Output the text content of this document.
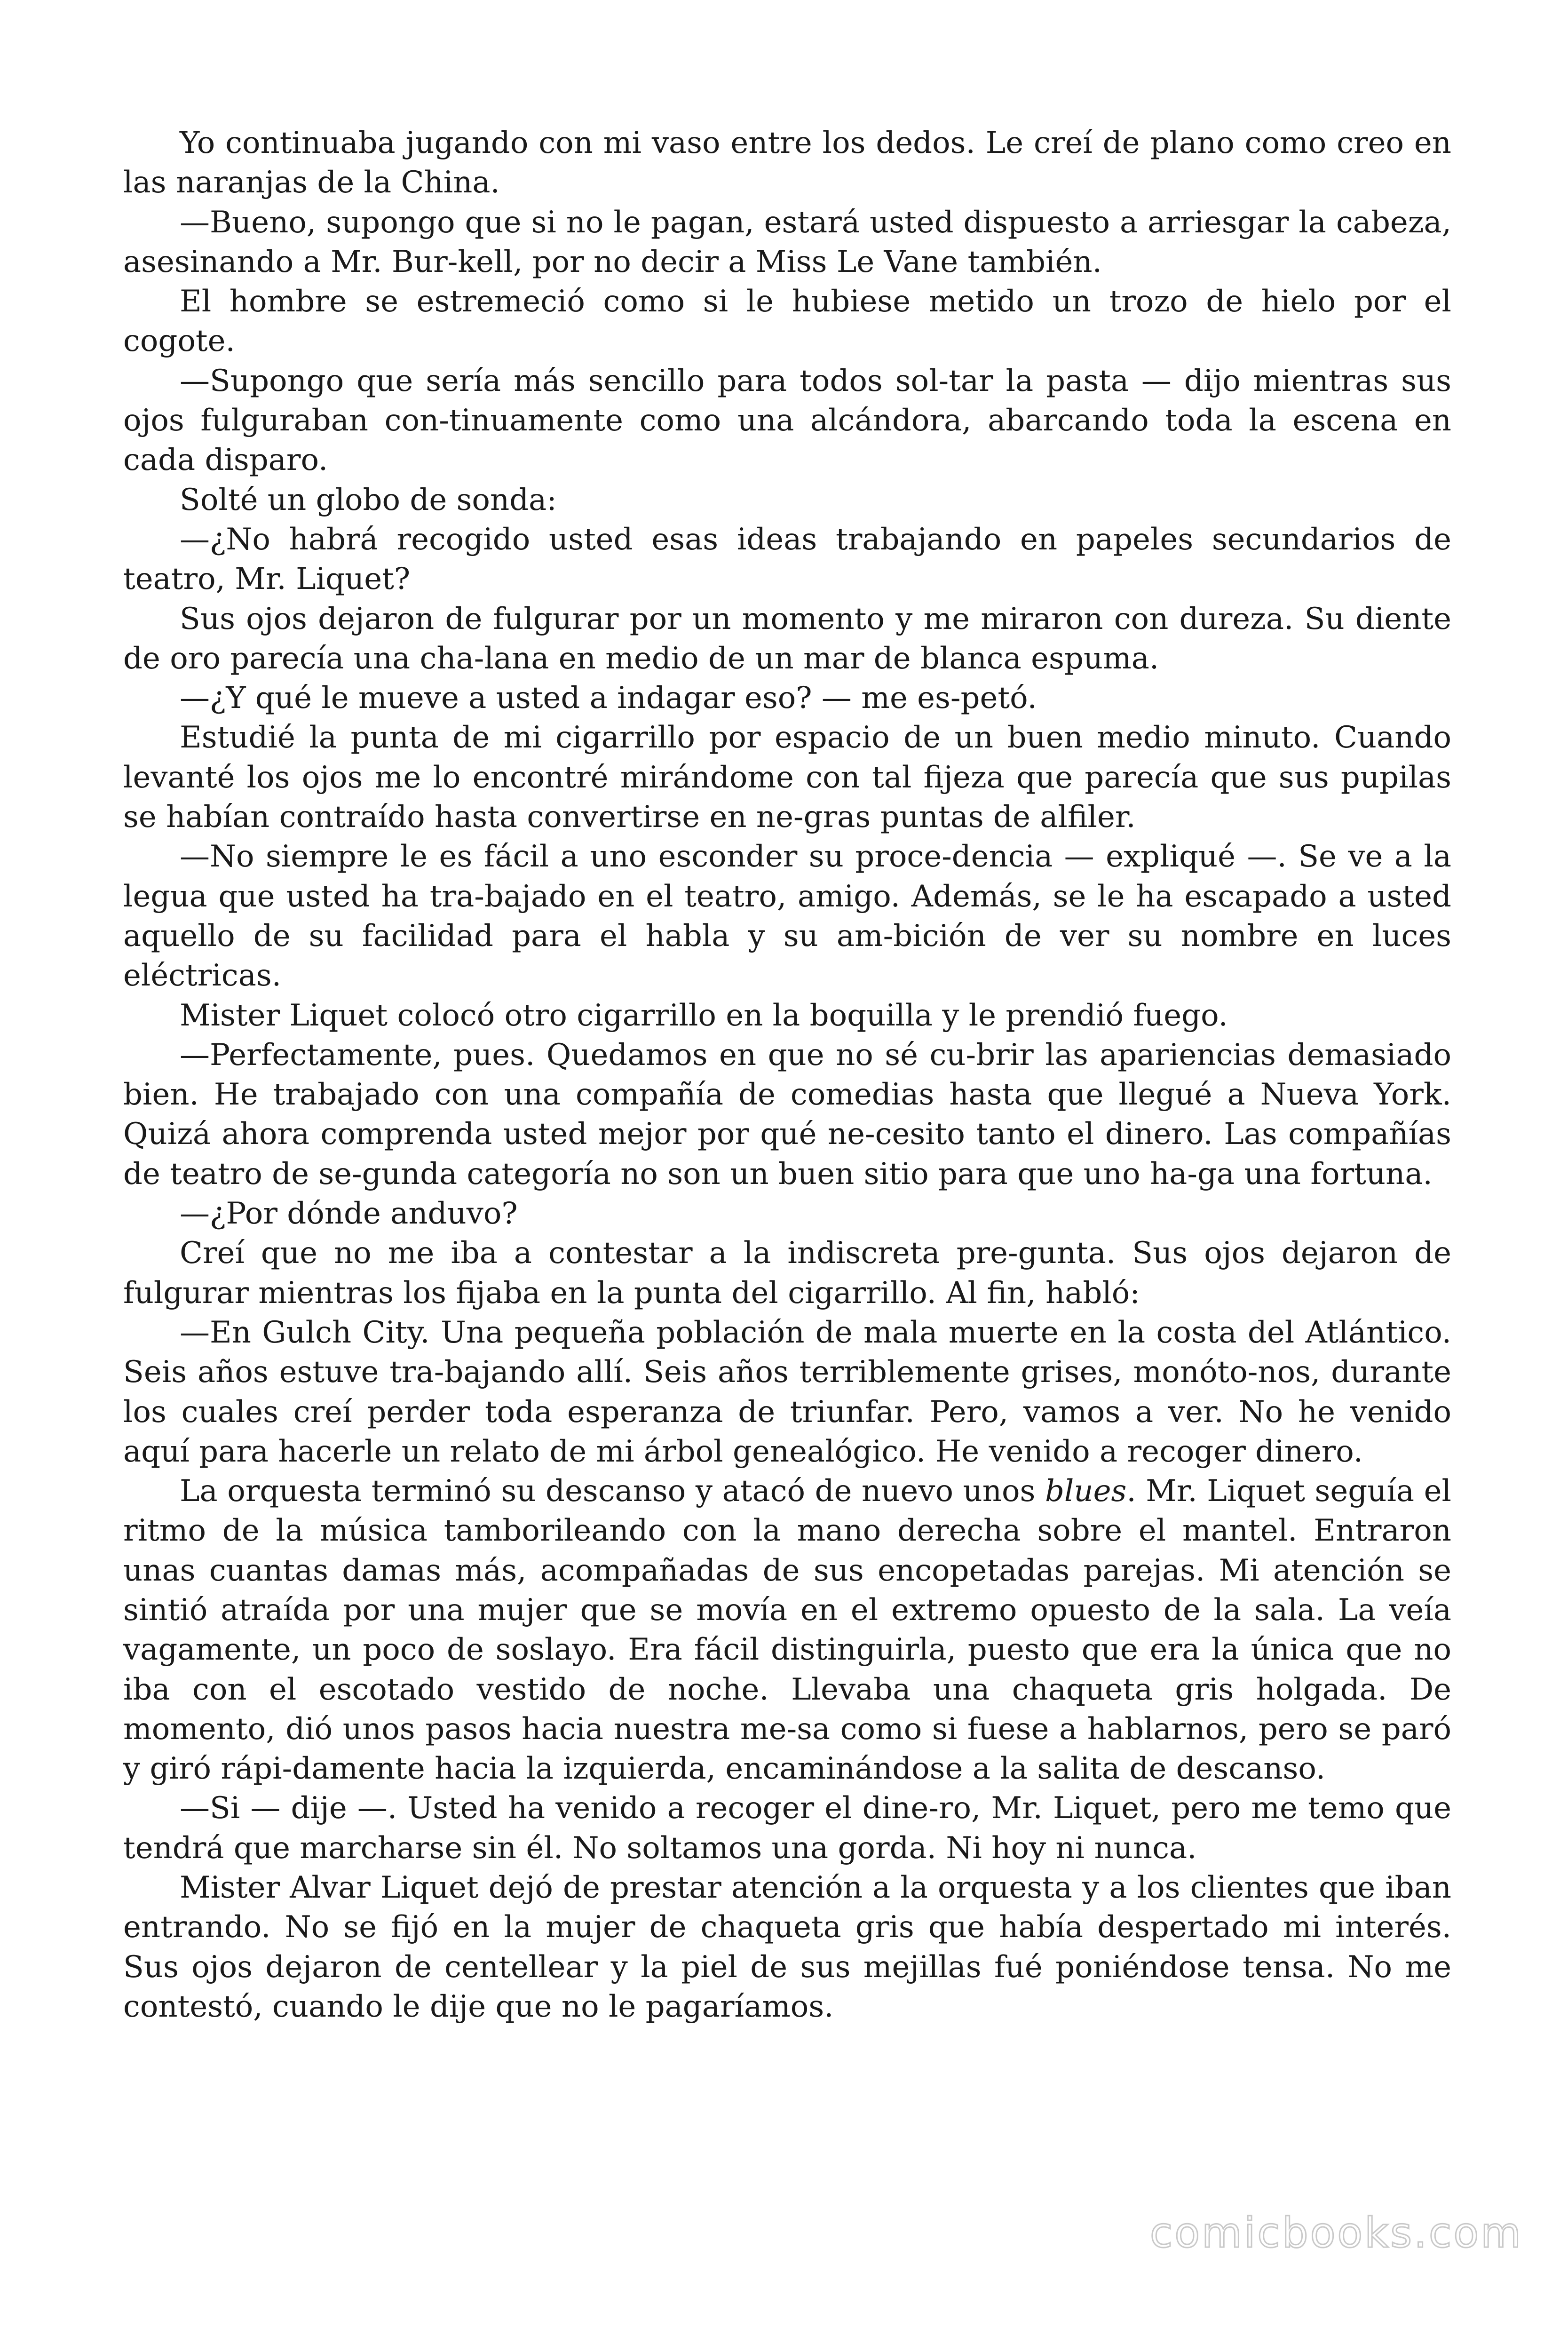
Yo continuaba jugando con mi vaso entre los dedos. Le creí de plano como creo en las naranjas de la China.

—Bueno, supongo que si no le pagan, estará usted dispuesto a arriesgar la cabeza, asesinando a Mr. Bur-kell, por no decir a Miss Le Vane también.

El hombre se estremeció como si le hubiese metido un trozo de hielo por el cogote.

—Supongo que sería más sencillo para todos sol-tar la pasta — dijo mientras sus ojos fulguraban con-tinuamente como una alcándora, abarcando toda la escena en cada disparo.

Solté un globo de sonda:

—¿No habrá recogido usted esas ideas trabajando en papeles secundarios de teatro, Mr. Liquet?

Sus ojos dejaron de fulgurar por un momento y me miraron con dureza. Su diente de oro parecía una cha-lana en medio de un mar de blanca espuma.

—¿Y qué le mueve a usted a indagar eso? — me es-petó.

Estudié la punta de mi cigarrillo por espacio de un buen medio minuto. Cuando levanté los ojos me lo encontré mirándome con tal fijeza que parecía que sus pupilas se habían contraído hasta convertirse en ne-gras puntas de alfiler.

—No siempre le es fácil a uno esconder su proce-dencia — expliqué —. Se ve a la legua que usted ha tra-bajado en el teatro, amigo. Además, se le ha escapado a usted aquello de su facilidad para el habla y su am-bición de ver su nombre en luces eléctricas.

Mister Liquet colocó otro cigarrillo en la boquilla y le prendió fuego.

—Perfectamente, pues. Quedamos en que no sé cu-brir las apariencias demasiado bien. He trabajado con una compañía de comedias hasta que llegué a Nueva York. Quizá ahora comprenda usted mejor por qué ne-cesito tanto el dinero. Las compañías de teatro de se-gunda categoría no son un buen sitio para que uno ha-ga una fortuna.

—¿Por dónde anduvo?

Creí que no me iba a contestar a la indiscreta pre-gunta. Sus ojos dejaron de fulgurar mientras los fijaba en la punta del cigarrillo. Al fin, habló:

—En Gulch City. Una pequeña población de mala muerte en la costa del Atlántico. Seis años estuve tra-bajando allí. Seis años terriblemente grises, monóto-nos, durante los cuales creí perder toda esperanza de triunfar. Pero, vamos a ver. No he venido aquí para hacerle un relato de mi árbol genealógico. He venido a recoger dinero.

La orquesta terminó su descanso y atacó de nuevo unos blues. Mr. Liquet seguía el ritmo de la música tamborileando con la mano derecha sobre el mantel. Entraron unas cuantas damas más, acompañadas de sus encopetadas parejas. Mi atención se sintió atraída por una mujer que se movía en el extremo opuesto de la sala. La veía vagamente, un poco de soslayo. Era fácil distinguirla, puesto que era la única que no iba con el escotado vestido de noche. Llevaba una chaqueta gris holgada. De momento, dió unos pasos hacia nuestra me-sa como si fuese a hablarnos, pero se paró y giró rápi-damente hacia la izquierda, encaminándose a la salita de descanso.

—Si — dije —. Usted ha venido a recoger el dine-ro, Mr. Liquet, pero me temo que tendrá que marcharse sin él. No soltamos una gorda. Ni hoy ni nunca.

Mister Alvar Liquet dejó de prestar atención a la orquesta y a los clientes que iban entrando. No se fijó en la mujer de chaqueta gris que había despertado mi interés. Sus ojos dejaron de centellear y la piel de sus mejillas fué poniéndose tensa. No me contestó, cuando le dije que no le pagaríamos.

comicbooks.com
